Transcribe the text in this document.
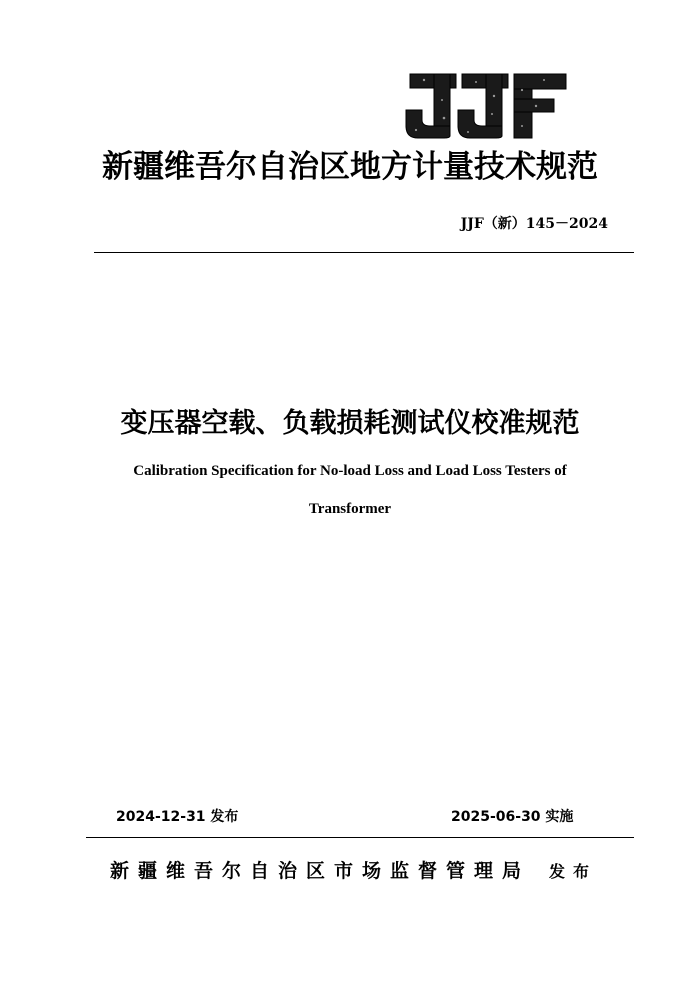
新疆维吾尔自治区地方计量技术规范
JJF（新）145－2024
变压器空载、负载损耗测试仪校准规范
Calibration Specification for No-load Loss and Load Loss Testers of
Transformer
2024-12-31 发布	2025-06-30 实施
新疆维吾尔自治区市场监督管理局 发布
